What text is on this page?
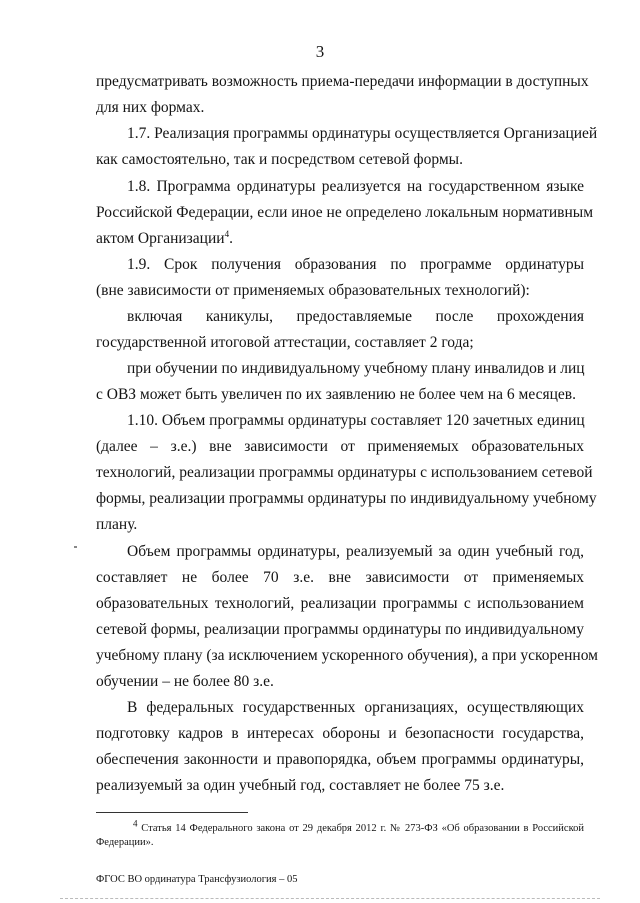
3
предусматривать возможность приема-передачи информации в доступных
для них формах.
1.7. Реализация программы ординатуры осуществляется Организацией
как самостоятельно, так и посредством сетевой формы.
1.8. Программа ординатуры реализуется на государственном языке
Российской Федерации, если иное не определено локальным нормативным
актом Организации$^4$.
1.9. Срок получения образования по программе ординатуры
(вне зависимости от применяемых образовательных технологий):
включая каникулы, предоставляемые после прохождения
государственной итоговой аттестации, составляет 2 года;
при обучении по индивидуальному учебному плану инвалидов и лиц
с ОВЗ может быть увеличен по их заявлению не более чем на 6 месяцев.
1.10. Объем программы ординатуры составляет 120 зачетных единиц
(далее – з.е.) вне зависимости от применяемых образовательных
технологий, реализации программы ординатуры с использованием сетевой
формы, реализации программы ординатуры по индивидуальному учебному
плану.
Объем программы ординатуры, реализуемый за один учебный год,
составляет не более 70 з.е. вне зависимости от применяемых
образовательных технологий, реализации программы с использованием
сетевой формы, реализации программы ординатуры по индивидуальному
учебному плану (за исключением ускоренного обучения), а при ускоренном
обучении – не более 80 з.е.
В федеральных государственных организациях, осуществляющих
подготовку кадров в интересах обороны и безопасности государства,
обеспечения законности и правопорядка, объем программы ординатуры,
реализуемый за один учебный год, составляет не более 75 з.е.
$^4$ Статья 14 Федерального закона от 29 декабря 2012 г. № 273-ФЗ «Об образовании в Российской
Федерации».
ФГОС ВО ординатура Трансфузиология – 05
